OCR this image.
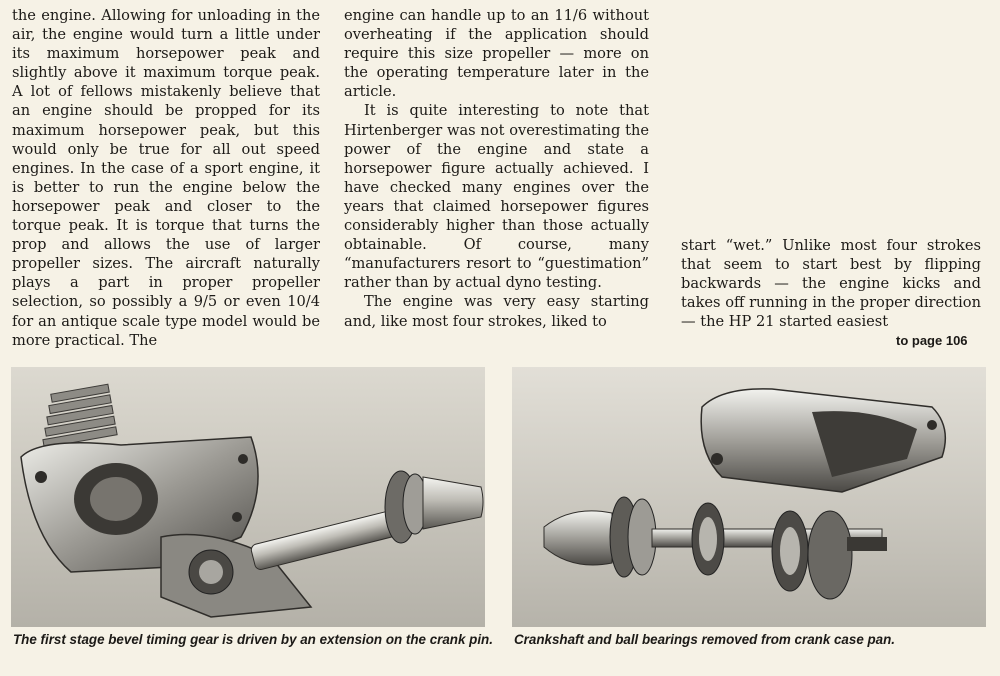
the engine. Allowing for unloading in the air, the engine would turn a little under its maximum horsepower peak and slightly above it maximum torque peak. A lot of fellows mistakenly believe that an engine should be propped for its maximum horsepower peak, but this would only be true for all out speed engines. In the case of a sport engine, it is better to run the engine below the horsepower peak and closer to the torque peak. It is torque that turns the prop and allows the use of larger propeller sizes. The aircraft naturally plays a part in proper propeller selection, so possibly a 9/5 or even 10/4 for an antique scale type model would be more practical. The

engine can handle up to an 11/6 without overheating if the application should require this size propeller — more on the operating temperature later in the article.

It is quite interesting to note that Hirtenberger was not overestimating the power of the engine and state a horsepower figure actually achieved. I have checked many engines over the years that claimed horsepower figures considerably higher than those actually obtainable. Of course, many “manufacturers resort to “guestimation” rather than by actual dyno testing.

The engine was very easy starting and, like most four strokes, liked to

start “wet.” Unlike most four strokes that seem to start best by flipping backwards — the engine kicks and takes off running in the proper direction — the HP 21 started easiest

to page 106
The first stage bevel timing gear is driven by an extension on the crank pin. Crankshaft and ball bearings removed from crank case pan.
